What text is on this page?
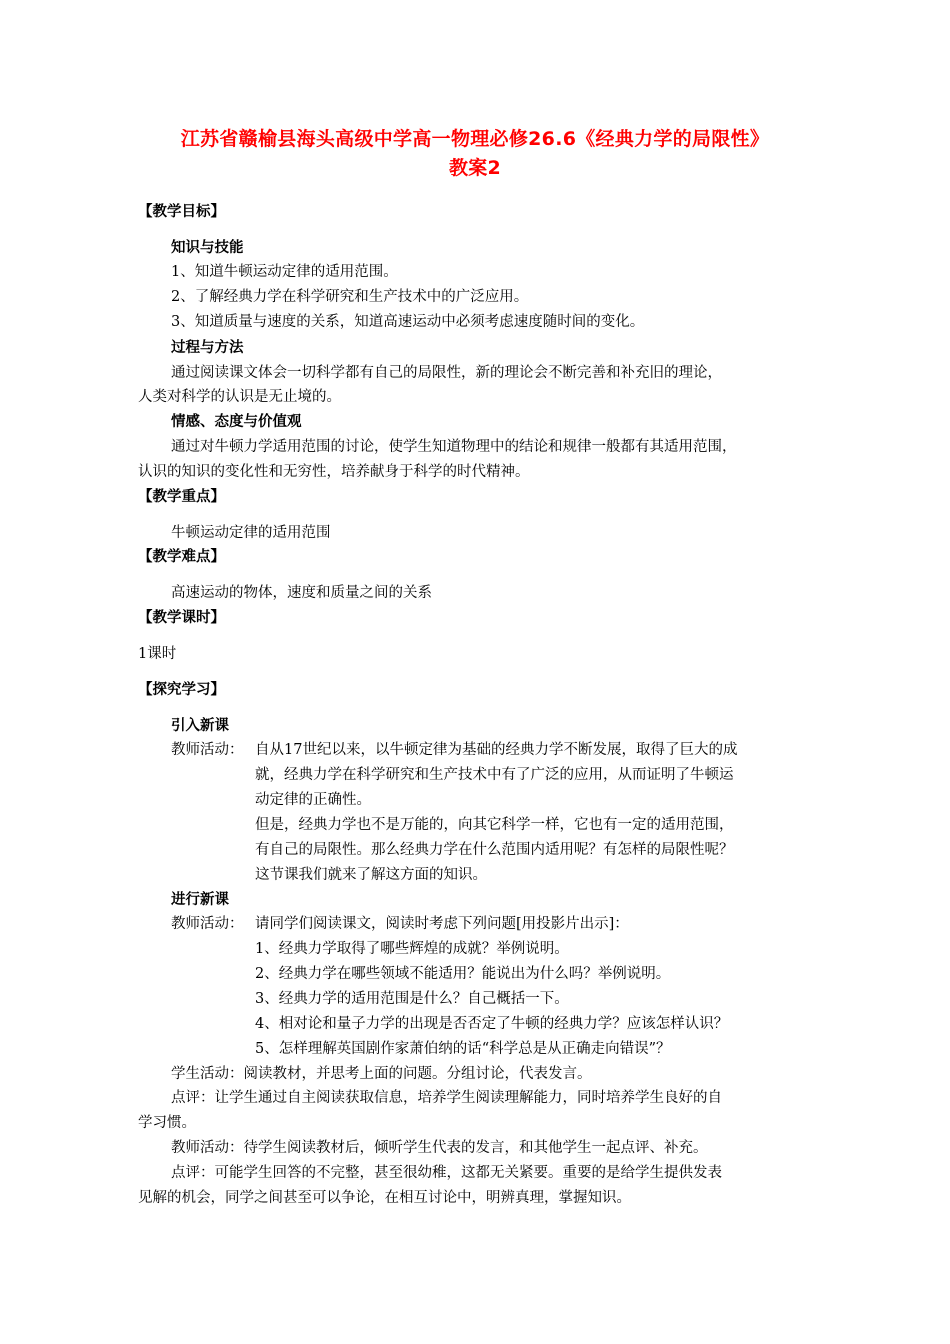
江苏省赣榆县海头高级中学高一物理必修26.6《经典力学的局限性》
教案2
【教学目标】
知识与技能
1、知道牛顿运动定律的适用范围。
2、了解经典力学在科学研究和生产技术中的广泛应用。
3、知道质量与速度的关系，知道高速运动中必须考虑速度随时间的变化。
过程与方法
通过阅读课文体会一切科学都有自己的局限性，新的理论会不断完善和补充旧的理论，
人类对科学的认识是无止境的。
情感、态度与价值观
通过对牛顿力学适用范围的讨论，使学生知道物理中的结论和规律一般都有其适用范围，
认识的知识的变化性和无穷性，培养献身于科学的时代精神。
【教学重点】
牛顿运动定律的适用范围
【教学难点】
高速运动的物体，速度和质量之间的关系
【教学课时】
1课时
【探究学习】
引入新课
教师活动： 自从17世纪以来，以牛顿定律为基础的经典力学不断发展，取得了巨大的成
就，经典力学在科学研究和生产技术中有了广泛的应用，从而证明了牛顿运
动定律的正确性。
但是，经典力学也不是万能的，向其它科学一样，它也有一定的适用范围，
有自己的局限性。那么经典力学在什么范围内适用呢？有怎样的局限性呢？
这节课我们就来了解这方面的知识。
进行新课
教师活动： 请同学们阅读课文，阅读时考虑下列问题[用投影片出示]：
1、经典力学取得了哪些辉煌的成就？举例说明。
2、经典力学在哪些领域不能适用？能说出为什么吗？举例说明。
3、经典力学的适用范围是什么？自己概括一下。
4、相对论和量子力学的出现是否否定了牛顿的经典力学？应该怎样认识？
5、怎样理解英国剧作家萧伯纳的话“科学总是从正确走向错误”？
学生活动：阅读教材，并思考上面的问题。分组讨论，代表发言。
点评：让学生通过自主阅读获取信息，培养学生阅读理解能力，同时培养学生良好的自
学习惯。
教师活动：待学生阅读教材后，倾听学生代表的发言，和其他学生一起点评、补充。
点评：可能学生回答的不完整，甚至很幼稚，这都无关紧要。重要的是给学生提供发表
见解的机会，同学之间甚至可以争论，在相互讨论中，明辨真理，掌握知识。
